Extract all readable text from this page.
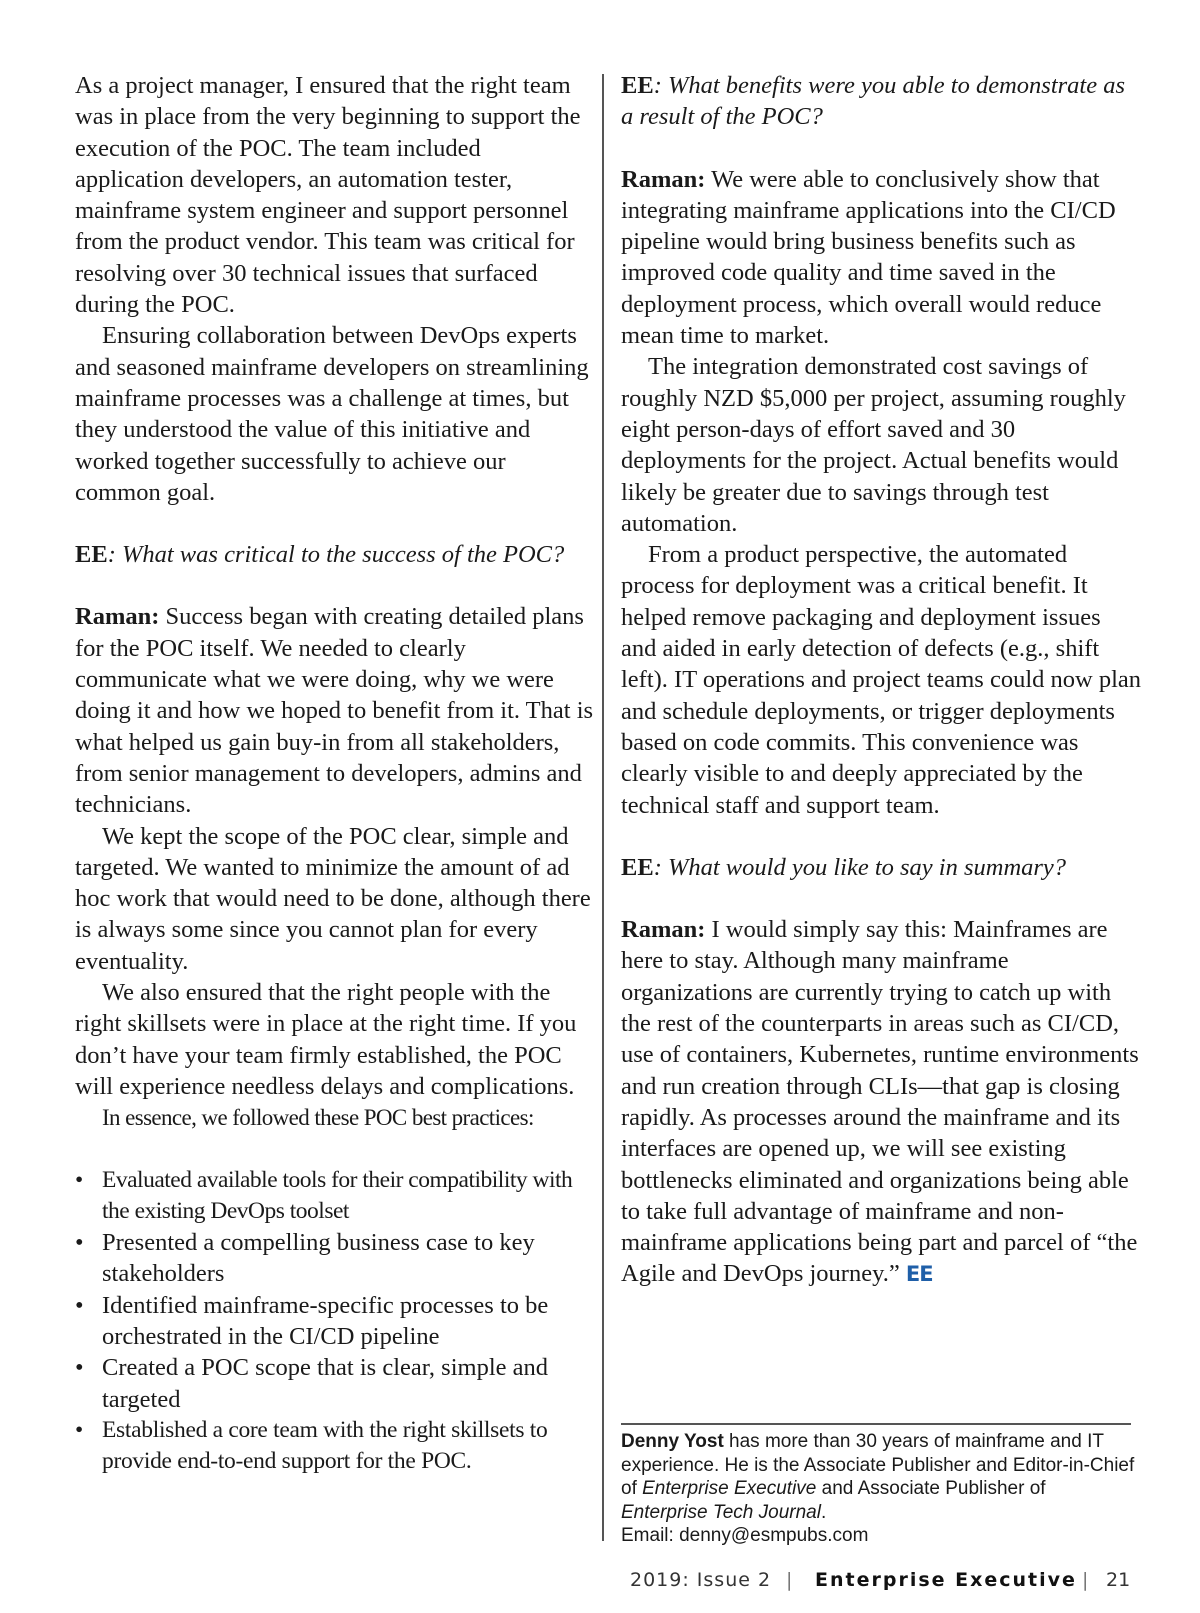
As a project manager, I ensured that the right team was in place from the very beginning to support the execution of the POC. The team included application developers, an automation tester, mainframe system engineer and support personnel from the product vendor. This team was critical for resolving over 30 technical issues that surfaced during the POC.

Ensuring collaboration between DevOps experts and seasoned mainframe developers on streamlining mainframe processes was a challenge at times, but they understood the value of this initiative and worked together successfully to achieve our common goal.

EE: What was critical to the success of the POC?

Raman: Success began with creating detailed plans for the POC itself. We needed to clearly communicate what we were doing, why we were doing it and how we hoped to benefit from it. That is what helped us gain buy-in from all stakeholders, from senior management to developers, admins and technicians.

We kept the scope of the POC clear, simple and targeted. We wanted to minimize the amount of ad hoc work that would need to be done, although there is always some since you cannot plan for every eventuality.

We also ensured that the right people with the right skillsets were in place at the right time. If you don’t have your team firmly established, the POC will experience needless delays and complications.

In essence, we followed these POC best practices:

• Evaluated available tools for their compatibility with the existing DevOps toolset
• Presented a compelling business case to key stakeholders
• Identified mainframe-specific processes to be orchestrated in the CI/CD pipeline
• Created a POC scope that is clear, simple and targeted
• Established a core team with the right skillsets to provide end-to-end support for the POC.

EE: What benefits were you able to demonstrate as a result of the POC?

Raman: We were able to conclusively show that integrating mainframe applications into the CI/CD pipeline would bring business benefits such as improved code quality and time saved in the deployment process, which overall would reduce mean time to market.

The integration demonstrated cost savings of roughly NZD $5,000 per project, assuming roughly eight person-days of effort saved and 30 deployments for the project. Actual benefits would likely be greater due to savings through test automation.

From a product perspective, the automated process for deployment was a critical benefit. It helped remove packaging and deployment issues and aided in early detection of defects (e.g., shift left). IT operations and project teams could now plan and schedule deployments, or trigger deployments based on code commits. This convenience was clearly visible to and deeply appreciated by the technical staff and support team.

EE: What would you like to say in summary?

Raman: I would simply say this: Mainframes are here to stay. Although many mainframe organizations are currently trying to catch up with the rest of the counterparts in areas such as CI/CD, use of containers, Kubernetes, runtime environments and run creation through CLIs—that gap is closing rapidly. As processes around the mainframe and its interfaces are opened up, we will see existing bottlenecks eliminated and organizations being able to take full advantage of mainframe and non-mainframe applications being part and parcel of “the Agile and DevOps journey.” EE

Denny Yost has more than 30 years of mainframe and IT experience. He is the Associate Publisher and Editor-in-Chief of Enterprise Executive and Associate Publisher of Enterprise Tech Journal.
Email: denny@esmpubs.com
2019: Issue 2 | Enterprise Executive | 21
